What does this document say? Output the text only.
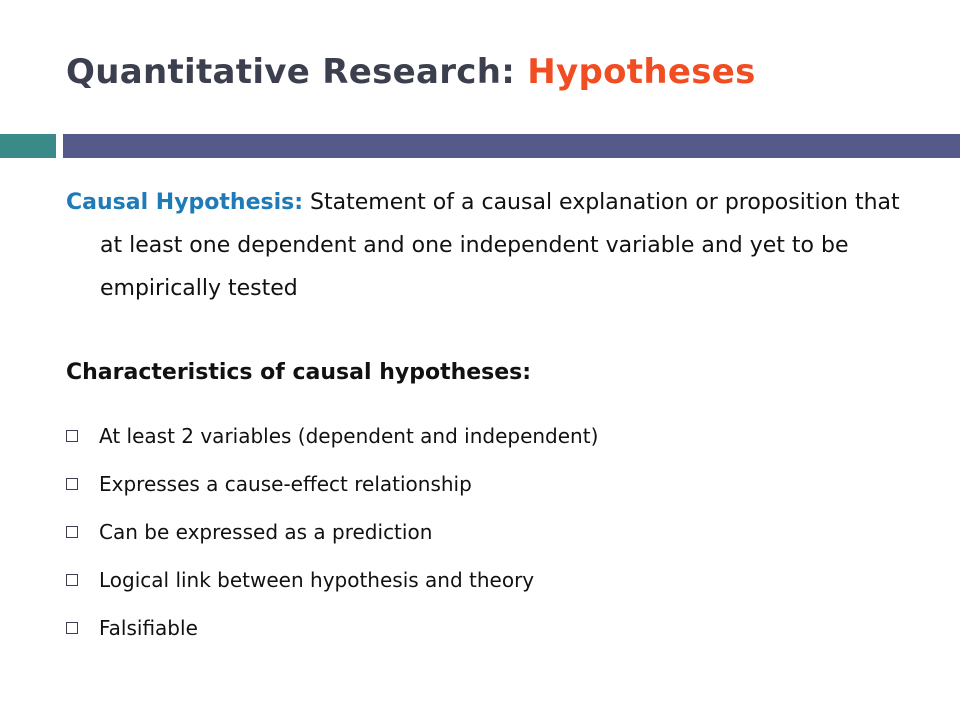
Quantitative Research: Hypotheses

Causal Hypothesis: Statement of a causal explanation or proposition that at least one dependent and one independent variable and yet to be empirically tested

Characteristics of causal hypotheses:

At least 2 variables (dependent and independent)
Expresses a cause-effect relationship
Can be expressed as a prediction
Logical link between hypothesis and theory
Falsifiable
